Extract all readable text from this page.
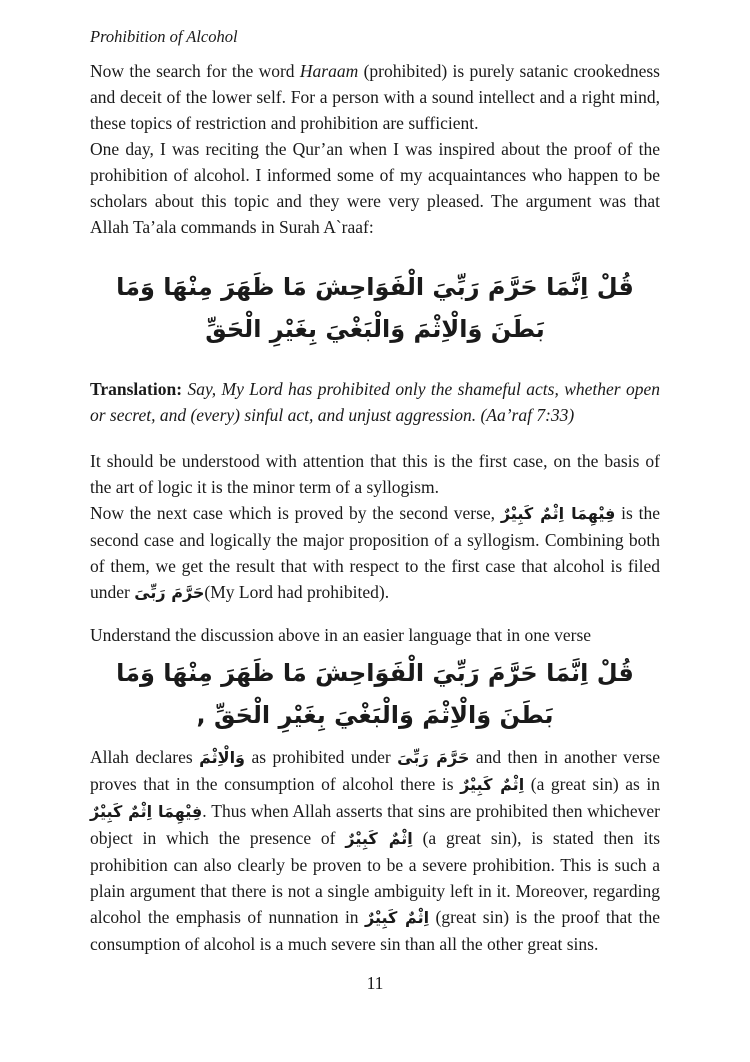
Prohibition of Alcohol

Now the search for the word Haraam (prohibited) is purely satanic crookedness and deceit of the lower self. For a person with a sound intellect and a right mind, these topics of restriction and prohibition are sufficient.

One day, I was reciting the Qur’an when I was inspired about the proof of the prohibition of alcohol. I informed some of my acquaintances who happen to be scholars about this topic and they were very pleased. The argument was that Allah Ta’ala commands in Surah A`raaf:

قُلْ اِنَّمَا حَرَّمَ رَبِّيَ الْفَوَاحِشَ مَا ظَهَرَ مِنْهَا وَمَا بَطَنَ وَالْاِثْمَ وَالْبَغْيَ بِغَيْرِ الْحَقِّ

Translation: Say, My Lord has prohibited only the shameful acts, whether open or secret, and (every) sinful act, and unjust aggression. (Aa’raf 7:33)

It should be understood with attention that this is the first case, on the basis of the art of logic it is the minor term of a syllogism.

Now the next case which is proved by the second verse, فِيْهِمَا اِثْمٌ كَبِيْرٌ is the second case and logically the major proposition of a syllogism. Combining both of them, we get the result that with respect to the first case that alcohol is filed under حَرَّمَ رَبِّىَ(My Lord had prohibited).

Understand the discussion above in an easier language that in one verse

قُلْ اِنَّمَا حَرَّمَ رَبِّيَ الْفَوَاحِشَ مَا ظَهَرَ مِنْهَا وَمَا بَطَنَ وَالْاِثْمَ وَالْبَغْيَ بِغَيْرِ الْحَقِّ ,

Allah declares وَالْاِثْمَ as prohibited under حَرَّمَ رَبِّىَ and then in another verse proves that in the consumption of alcohol there is اِثْمٌ كَبِيْرٌ (a great sin) as in فِيْهِمَا اِثْمٌ كَبِيْرٌ. Thus when Allah asserts that sins are prohibited then whichever object in which the presence of اِثْمٌ كَبِيْرٌ (a great sin), is stated then its prohibition can also clearly be proven to be a severe prohibition. This is such a plain argument that there is not a single ambiguity left in it. Moreover, regarding alcohol the emphasis of nunnation in اِثْمٌ كَبِيْرٌ (great sin) is the proof that the consumption of alcohol is a much severe sin than all the other great sins.

11
